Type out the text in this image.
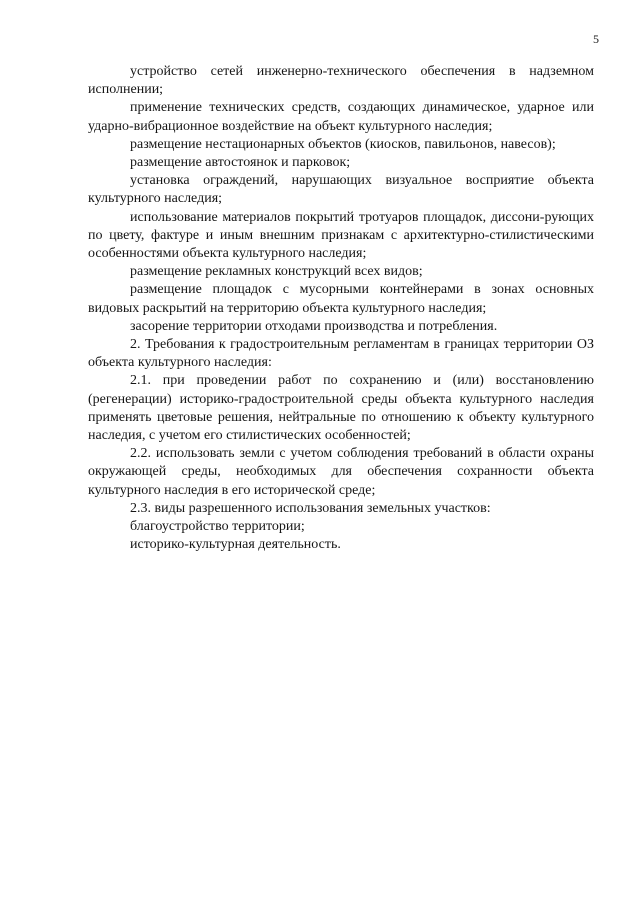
5

устройство сетей инженерно-технического обеспечения в надземном исполнении;

применение технических средств, создающих динамическое, ударное или ударно-вибрационное воздействие на объект культурного наследия;

размещение нестационарных объектов (киосков, павильонов, навесов);

размещение автостоянок и парковок;

установка ограждений, нарушающих визуальное восприятие объекта культурного наследия;

использование материалов покрытий тротуаров площадок, диссони-рующих по цвету, фактуре и иным внешним признакам с архитектурно-стилистическими особенностями объекта культурного наследия;

размещение рекламных конструкций всех видов;

размещение площадок с мусорными контейнерами в зонах основных видовых раскрытий на территорию объекта культурного наследия;

засорение территории отходами производства и потребления.

2. Требования к градостроительным регламентам в границах территории ОЗ объекта культурного наследия:

2.1. при проведении работ по сохранению и (или) восстановлению (регенерации) историко-градостроительной среды объекта культурного наследия применять цветовые решения, нейтральные по отношению к объекту культурного наследия, с учетом его стилистических особенностей;

2.2. использовать земли с учетом соблюдения требований в области охраны окружающей среды, необходимых для обеспечения сохранности объекта культурного наследия в его исторической среде;

2.3. виды разрешенного использования земельных участков:

благоустройство территории;

историко-культурная деятельность.
